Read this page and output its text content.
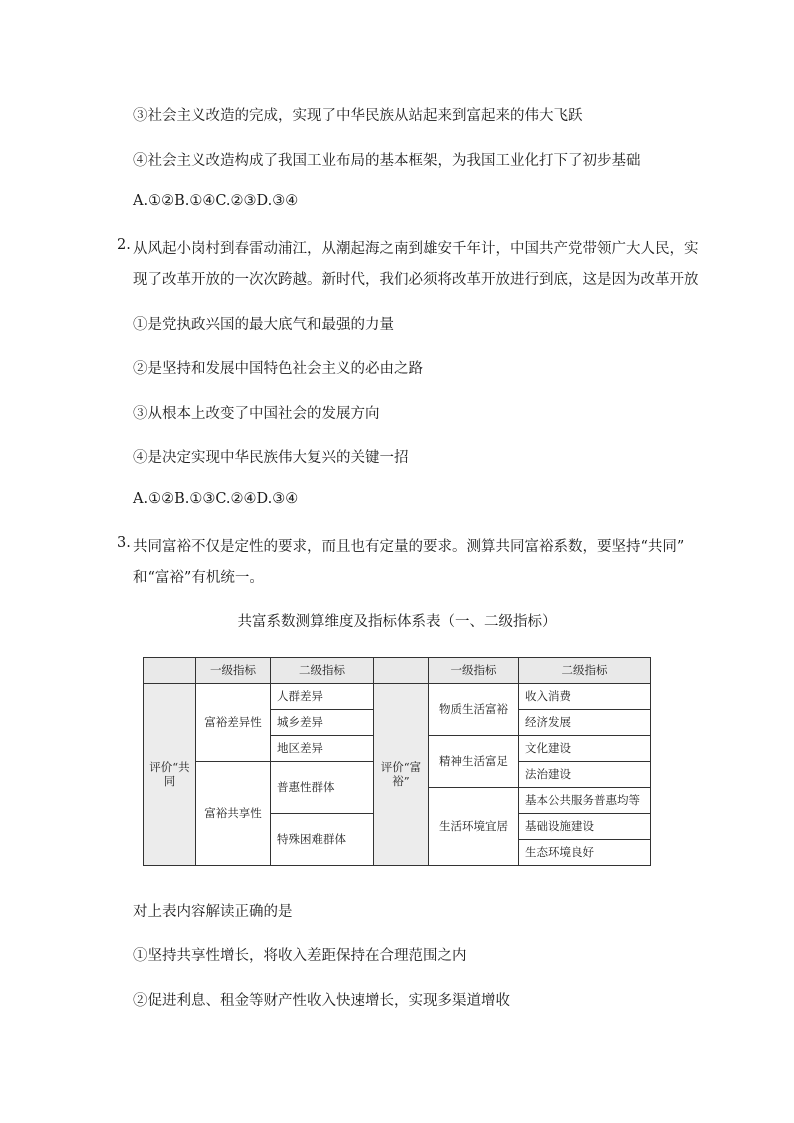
③社会主义改造的完成，实现了中华民族从站起来到富起来的伟大飞跃
④社会主义改造构成了我国工业布局的基本框架，为我国工业化打下了初步基础
A.①②B.①④C.②③D.③④
2. 从风起小岗村到春雷动浦江，从潮起海之南到雄安千年计，中国共产党带领广大人民，实
现了改革开放的一次次跨越。新时代，我们必须将改革开放进行到底，这是因为改革开放
①是党执政兴国的最大底气和最强的力量
②是坚持和发展中国特色社会主义的必由之路
③从根本上改变了中国社会的发展方向
④是决定实现中华民族伟大复兴的关键一招
A.①②B.①③C.②④D.③④
3. 共同富裕不仅是定性的要求，而且也有定量的要求。测算共同富裕系数，要坚持“共同”
和“富裕”有机统一。
共富系数测算维度及指标体系表（一、二级指标）
	一级指标	二级指标		一级指标	二级指标
评价“共同	富裕差异性	人群差异	评价“富裕”	物质生活富裕	收入消费
		城乡差异			经济发展
		地区差异		精神生活富足	文化建设
	富裕共享性	普惠性群体			法治建设
				生活环境宜居	基本公共服务普惠均等
		特殊困难群体			基础设施建设
					生态环境良好
对上表内容解读正确的是
①坚持共享性增长，将收入差距保持在合理范围之内
②促进利息、租金等财产性收入快速增长，实现多渠道增收
